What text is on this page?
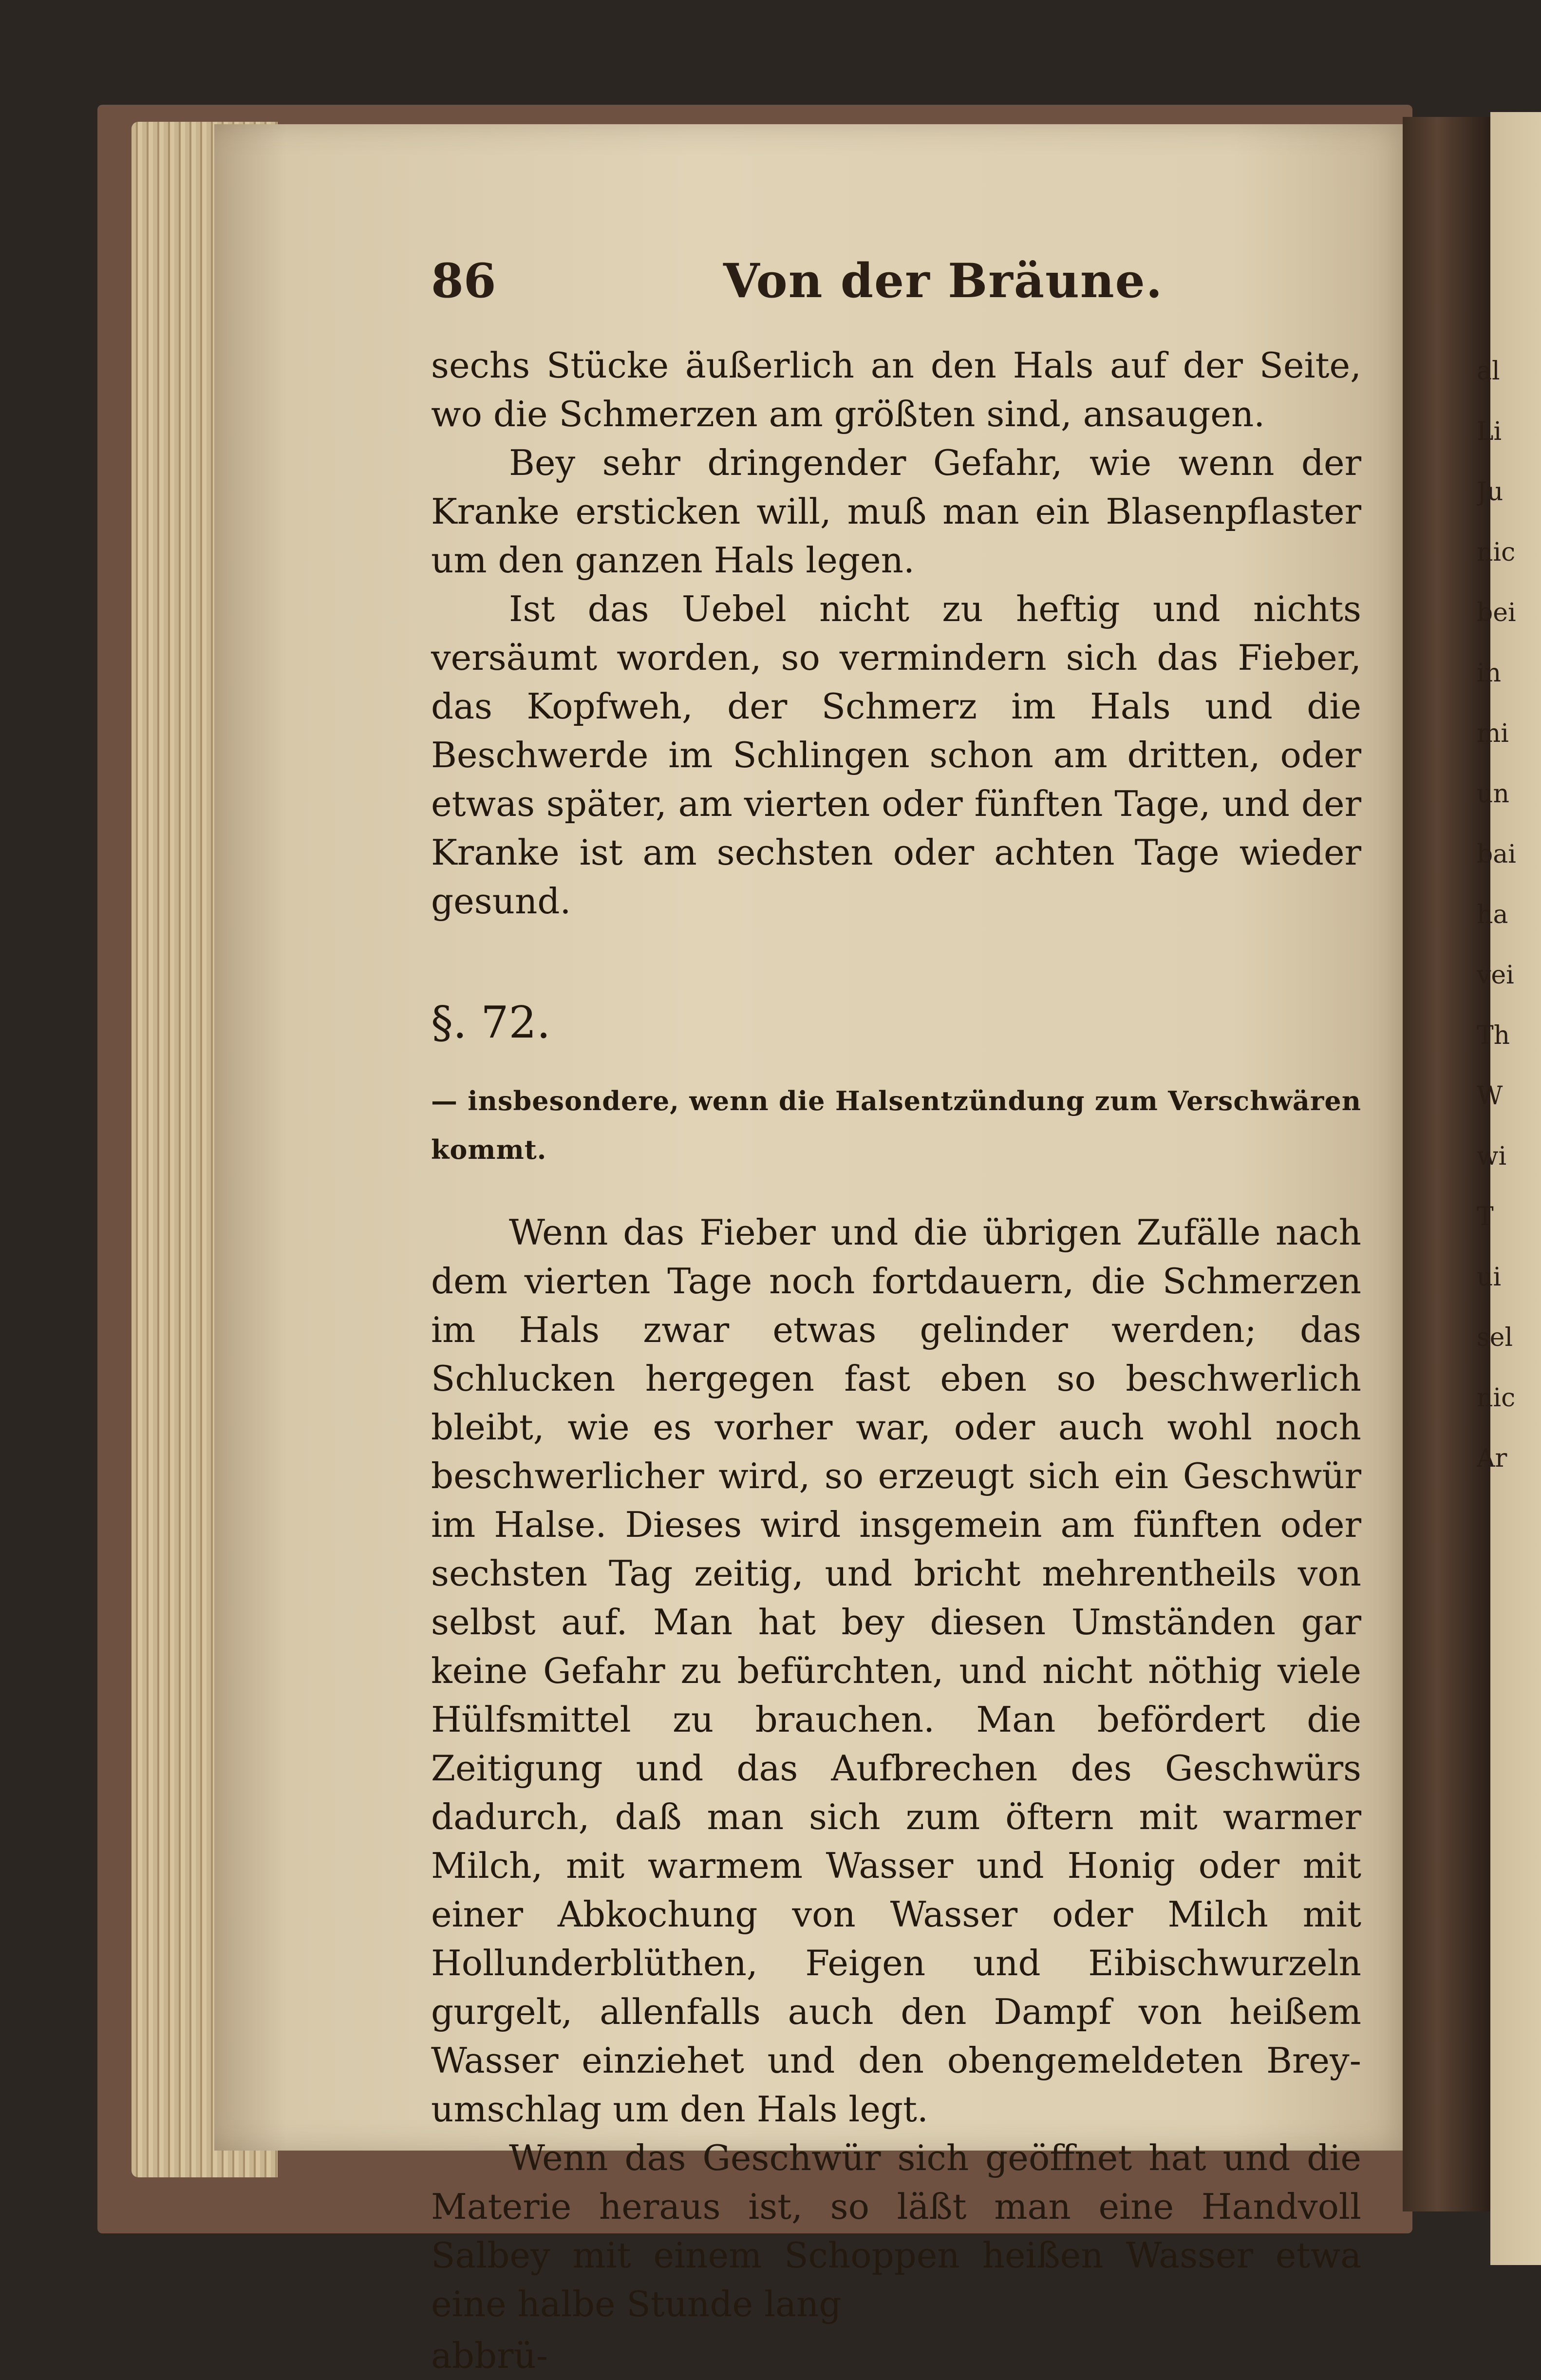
al
Li
Ju
nic
bei
in
mi
un
bai
ha
vei
Th
W
wi
T
ui
sel
nic
Ar
86	Von der Bräune.

sechs Stücke äußerlich an den Hals auf der Seite, wo die Schmerzen am größten sind, ansaugen.

Bey sehr dringender Gefahr, wie wenn der Kranke ersticken will, muß man ein Blasenpflaster um den ganzen Hals legen.

Ist das Uebel nicht zu heftig und nichts versäumt worden, so vermindern sich das Fieber, das Kopfweh, der Schmerz im Hals und die Beschwerde im Schlingen schon am dritten, oder etwas später, am vierten oder fünften Tage, und der Kranke ist am sechsten oder achten Tage wieder gesund.

§. 72.

— insbesondere, wenn die Halsentzündung zum Verschwären kommt.

Wenn das Fieber und die übrigen Zufälle nach dem vierten Tage noch fortdauern, die Schmerzen im Hals zwar etwas gelinder werden; das Schlucken hergegen fast eben so beschwerlich bleibt, wie es vorher war, oder auch wohl noch beschwerlicher wird, so erzeugt sich ein Geschwür im Halse. Dieses wird insgemein am fünften oder sechsten Tag zeitig, und bricht mehrentheils von selbst auf. Man hat bey diesen Umständen gar keine Gefahr zu befürchten, und nicht nöthig viele Hülfsmittel zu brauchen. Man befördert die Zeitigung und das Aufbrechen des Geschwürs dadurch, daß man sich zum öftern mit warmer Milch, mit warmem Wasser und Honig oder mit einer Abkochung von Wasser oder Milch mit Hollunderblüthen, Feigen und Eibischwurzeln gurgelt, allenfalls auch den Dampf von heißem Wasser einziehet und den obengemeldeten Brey-umschlag um den Hals legt.

Wenn das Geschwür sich geöffnet hat und die Materie heraus ist, so läßt man eine Handvoll Salbey mit einem Schoppen heißen Wasser etwa eine halbe Stunde lang

abbrü-
